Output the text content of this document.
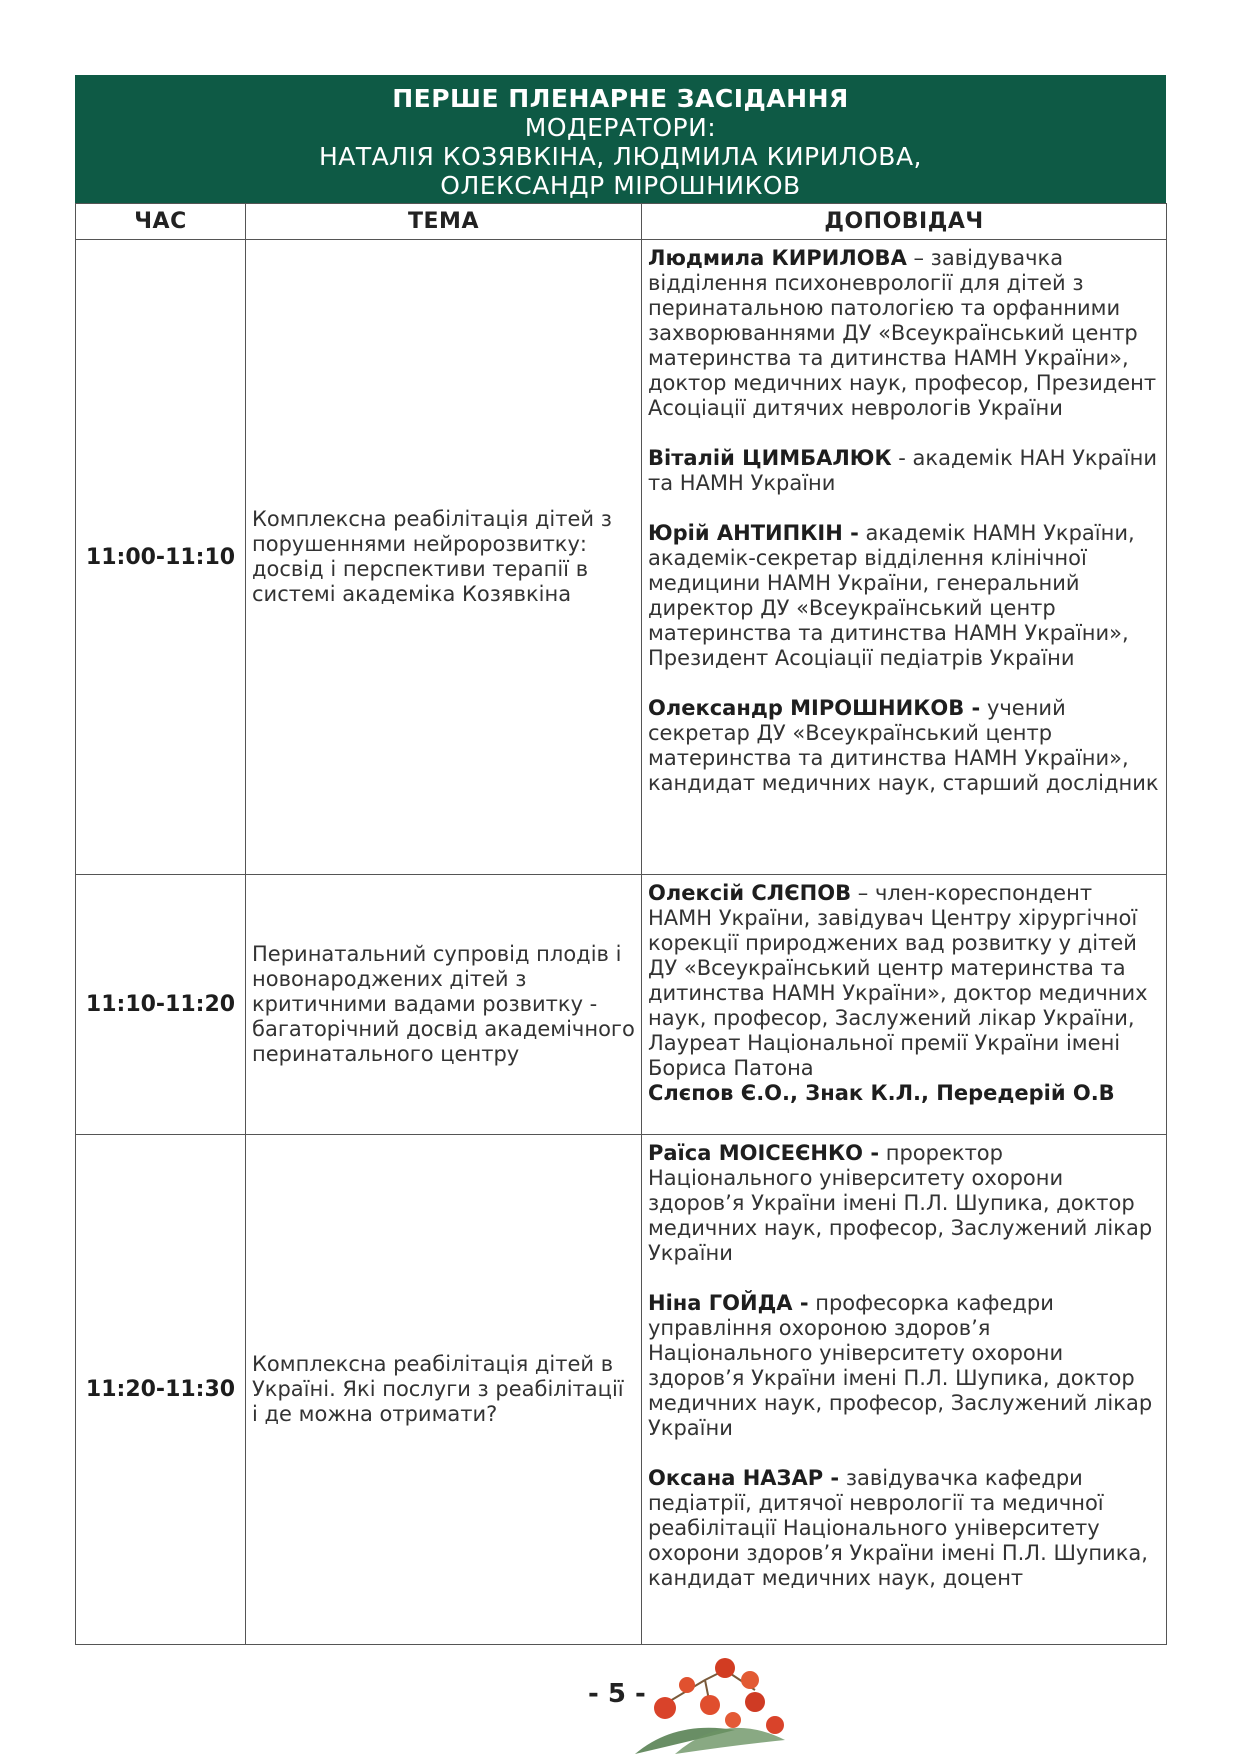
ПЕРШЕ ПЛЕНАРНЕ ЗАСІДАННЯ
МОДЕРАТОРИ:
НАТАЛІЯ КОЗЯВКІНА, ЛЮДМИЛА КИРИЛОВА,
ОЛЕКСАНДР МІРОШНИКОВ
ЧАС	ТЕМА	ДОПОВІДАЧ
11:00-11:10	Комплексна реабілітація дітей з порушеннями нейророзвитку: досвід і перспективи терапії в системі академіка Козявкіна	Людмила КИРИЛОВА – завідувачка відділення психоневрології для дітей з перинатальною патологією та орфанними захворюваннями ДУ «Всеукраїнський центр материнства та дитинства НАМН України», доктор медичних наук, професор, Президент Асоціації дитячих неврологів України
Віталій ЦИМБАЛЮК - академік НАН України та НАМН України
Юрій АНТИПКІН - академік НАМН України, академік-секретар відділення клінічної медицини НАМН України, генеральний директор ДУ «Всеукраїнський центр материнства та дитинства НАМН України», Президент Асоціації педіатрів України
Олександр МІРОШНИКОВ - учений секретар ДУ «Всеукраїнський центр материнства та дитинства НАМН України», кандидат медичних наук, старший дослідник

11:10-11:20	Перинатальний супровід плодів і новонароджених дітей з критичними вадами розвитку - багаторічний досвід академічного перинатального центру	Олексій СЛЄПОВ – член-кореспондент НАМН України, завідувач Центру хірургічної корекції природжених вад розвитку у дітей ДУ «Всеукраїнський центр материнства та дитинства НАМН України», доктор медичних наук, професор, Заслужений лікар України, Лауреат Національної премії України імені Бориса Патона
Слєпов Є.О., Знак К.Л., Передерій О.В

11:20-11:30	Комплексна реабілітація дітей в Україні. Які послуги з реабілітації і де можна отримати?	Раїса МОІСЕЄНКО - проректор Національного університету охорони здоров’я України імені П.Л. Шупика, доктор медичних наук, професор, Заслужений лікар України
Ніна ГОЙДА - професорка кафедри управління охороною здоров’я Національного університету охорони здоров’я України імені П.Л. Шупика, доктор медичних наук, професор, Заслужений лікар України
Оксана НАЗАР - завідувачка кафедри педіатрії, дитячої неврології та медичної реабілітації Національного університету охорони здоров’я України імені П.Л. Шупика, кандидат медичних наук, доцент
- 5 -
